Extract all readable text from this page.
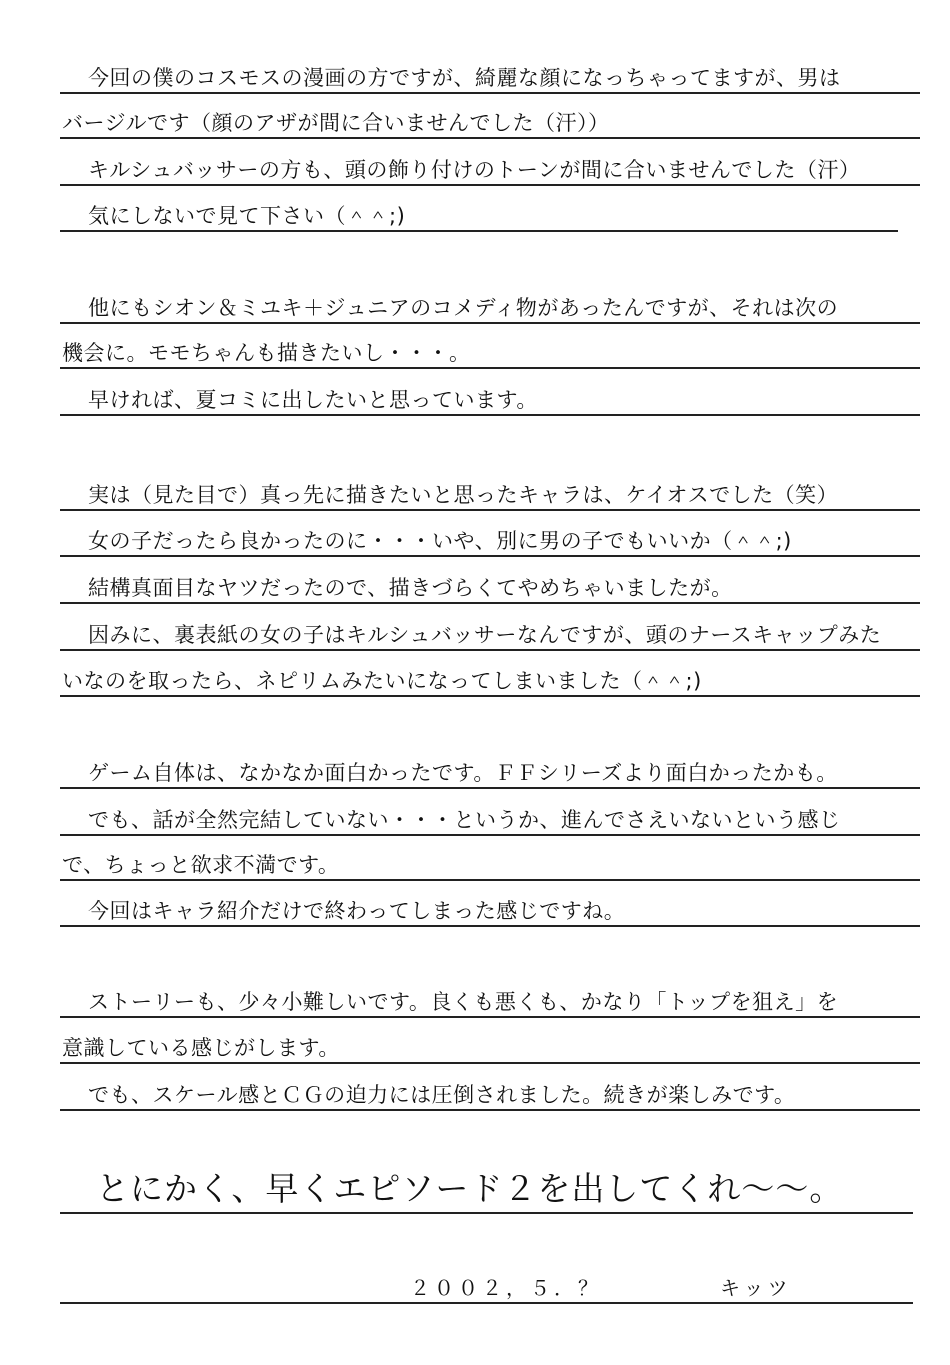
今回の僕のコスモスの漫画の方ですが、綺麗な顔になっちゃってますが、男は
バージルです（顔のアザが間に合いませんでした（汗））
キルシュバッサーの方も、頭の飾り付けのトーンが間に合いませんでした（汗）
気にしないで見て下さい（＾＾;)
他にもシオン＆ミユキ＋ジュニアのコメディ物があったんですが、それは次の
機会に。モモちゃんも描きたいし・・・。
早ければ、夏コミに出したいと思っています。
実は（見た目で）真っ先に描きたいと思ったキャラは、ケイオスでした（笑）
女の子だったら良かったのに・・・いや、別に男の子でもいいか（＾＾;)
結構真面目なヤツだったので、描きづらくてやめちゃいましたが。
因みに、裏表紙の女の子はキルシュバッサーなんですが、頭のナースキャップみた
いなのを取ったら、ネピリムみたいになってしまいました（＾＾;)
ゲーム自体は、なかなか面白かったです。ＦＦシリーズより面白かったかも。
でも、話が全然完結していない・・・というか、進んでさえいないという感じ
で、ちょっと欲求不満です。
今回はキャラ紹介だけで終わってしまった感じですね。
ストーリーも、少々小難しいです。良くも悪くも、かなり「トップを狙え」を
意識している感じがします。
でも、スケール感とＣＧの迫力には圧倒されました。続きが楽しみです。
とにかく、早くエピソード２を出してくれ〜〜。
２００２，５．？	キッツ
